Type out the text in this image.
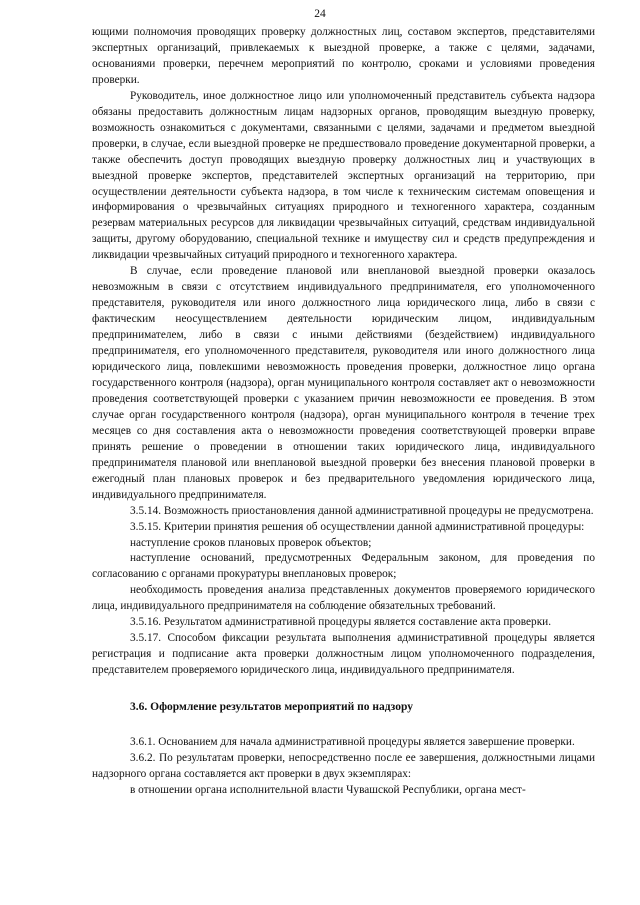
24

ющими полномочия проводящих проверку должностных лиц, составом экспертов, представителями экспертных организаций, привлекаемых к выездной проверке, а также с целями, задачами, основаниями проверки, перечнем мероприятий по контролю, сроками и условиями проведения проверки.

Руководитель, иное должностное лицо или уполномоченный представитель субъекта надзора обязаны предоставить должностным лицам надзорных органов, проводящим выездную проверку, возможность ознакомиться с документами, связанными с целями, задачами и предметом выездной проверки, в случае, если выездной проверке не предшествовало проведение документарной проверки, а также обеспечить доступ проводящих выездную проверку должностных лиц и участвующих в выездной проверке экспертов, представителей экспертных организаций на территорию, при осуществлении деятельности субъекта надзора, в том числе к техническим системам оповещения и информирования о чрезвычайных ситуациях природного и техногенного характера, созданным резервам материальных ресурсов для ликвидации чрезвычайных ситуаций, средствам индивидуальной защиты, другому оборудованию, специальной технике и имуществу сил и средств предупреждения и ликвидации чрезвычайных ситуаций природного и техногенного характера.

В случае, если проведение плановой или внеплановой выездной проверки оказалось невозможным в связи с отсутствием индивидуального предпринимателя, его уполномоченного представителя, руководителя или иного должностного лица юридического лица, либо в связи с фактическим неосуществлением деятельности юридическим лицом, индивидуальным предпринимателем, либо в связи с иными действиями (бездействием) индивидуального предпринимателя, его уполномоченного представителя, руководителя или иного должностного лица юридического лица, повлекшими невозможность проведения проверки, должностное лицо органа государственного контроля (надзора), орган муниципального контроля составляет акт о невозможности проведения соответствующей проверки с указанием причин невозможности ее проведения. В этом случае орган государственного контроля (надзора), орган муниципального контроля в течение трех месяцев со дня составления акта о невозможности проведения соответствующей проверки вправе принять решение о проведении в отношении таких юридического лица, индивидуального предпринимателя плановой или внеплановой выездной проверки без внесения плановой проверки в ежегодный план плановых проверок и без предварительного уведомления юридического лица, индивидуального предпринимателя.

3.5.14. Возможность приостановления данной административной процедуры не предусмотрена.

3.5.15. Критерии принятия решения об осуществлении данной административной процедуры:

наступление сроков плановых проверок объектов;

наступление оснований, предусмотренных Федеральным законом, для проведения по согласованию с органами прокуратуры внеплановых проверок;

необходимость проведения анализа представленных документов проверяемого юридического лица, индивидуального предпринимателя на соблюдение обязательных требований.

3.5.16. Результатом административной процедуры является составление акта проверки.

3.5.17. Способом фиксации результата выполнения административной процедуры является регистрация и подписание акта проверки должностным лицом уполномоченного подразделения, представителем проверяемого юридического лица, индивидуального предпринимателя.

3.6. Оформление результатов мероприятий по надзору

3.6.1. Основанием для начала административной процедуры является завершение проверки.

3.6.2. По результатам проверки, непосредственно после ее завершения, должностными лицами надзорного органа составляется акт проверки в двух экземплярах:

в отношении органа исполнительной власти Чувашской Республики, органа мест-
